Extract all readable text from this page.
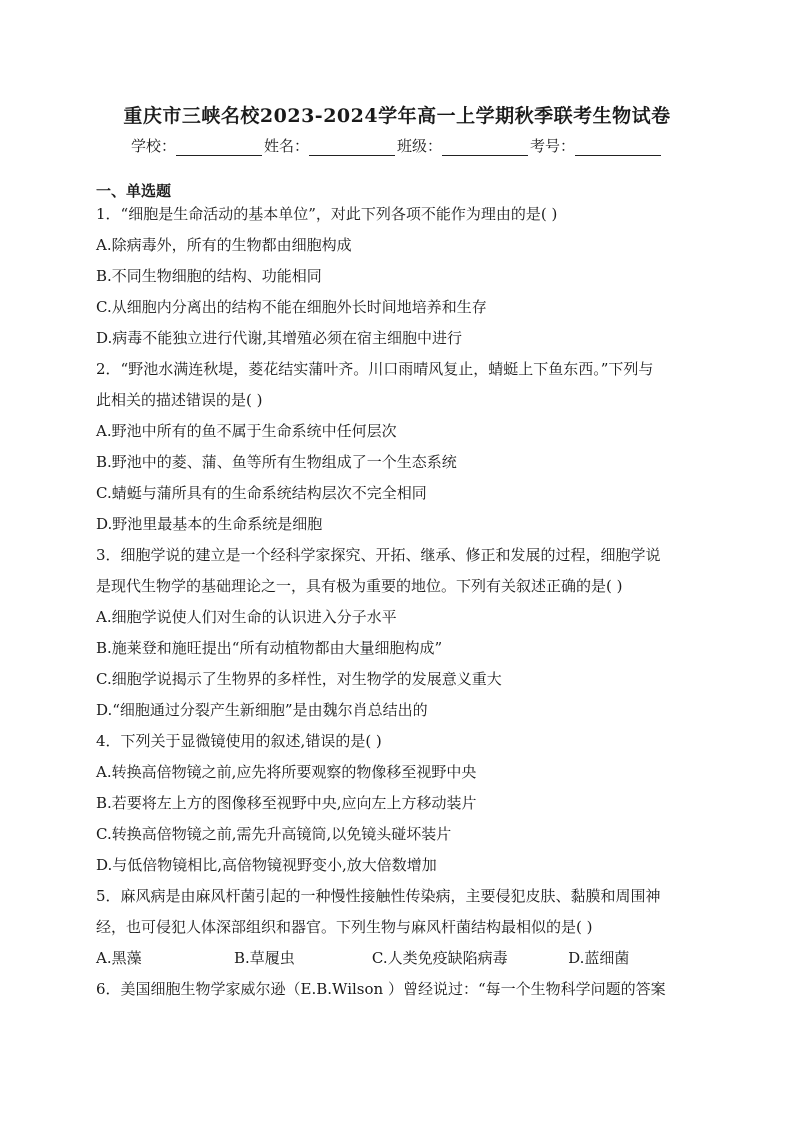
重庆市三峡名校2023-2024学年高一上学期秋季联考生物试卷
学校：	姓名：	班级：	考号：
一、单选题
1．“细胞是生命活动的基本单位”，对此下列各项不能作为理由的是( )
A.除病毒外，所有的生物都由细胞构成
B.不同生物细胞的结构、功能相同
C.从细胞内分离出的结构不能在细胞外长时间地培养和生存
D.病毒不能独立进行代谢,其增殖必须在宿主细胞中进行
2．“野池水满连秋堤，菱花结实蒲叶齐。川口雨晴风复止，蜻蜓上下鱼东西。”下列与
此相关的描述错误的是( )
A.野池中所有的鱼不属于生命系统中任何层次
B.野池中的菱、蒲、鱼等所有生物组成了一个生态系统
C.蜻蜓与蒲所具有的生命系统结构层次不完全相同
D.野池里最基本的生命系统是细胞
3．细胞学说的建立是一个经科学家探究、开拓、继承、修正和发展的过程，细胞学说
是现代生物学的基础理论之一，具有极为重要的地位。下列有关叙述正确的是( )
A.细胞学说使人们对生命的认识进入分子水平
B.施莱登和施旺提出“所有动植物都由大量细胞构成”
C.细胞学说揭示了生物界的多样性，对生物学的发展意义重大
D.“细胞通过分裂产生新细胞”是由魏尔肖总结出的
4．下列关于显微镜使用的叙述,错误的是( )
A.转换高倍物镜之前,应先将所要观察的物像移至视野中央
B.若要将左上方的图像移至视野中央,应向左上方移动装片
C.转换高倍物镜之前,需先升高镜筒,以免镜头碰坏装片
D.与低倍物镜相比,高倍物镜视野变小,放大倍数增加
5．麻风病是由麻风杆菌引起的一种慢性接触性传染病，主要侵犯皮肤、黏膜和周围神
经，也可侵犯人体深部组织和器官。下列生物与麻风杆菌结构最相似的是( )
A.黑藻	B.草履虫	C.人类免疫缺陷病毒	D.蓝细菌
6．美国细胞生物学家威尔逊（E.B.Wilson ）曾经说过：“每一个生物科学问题的答案
